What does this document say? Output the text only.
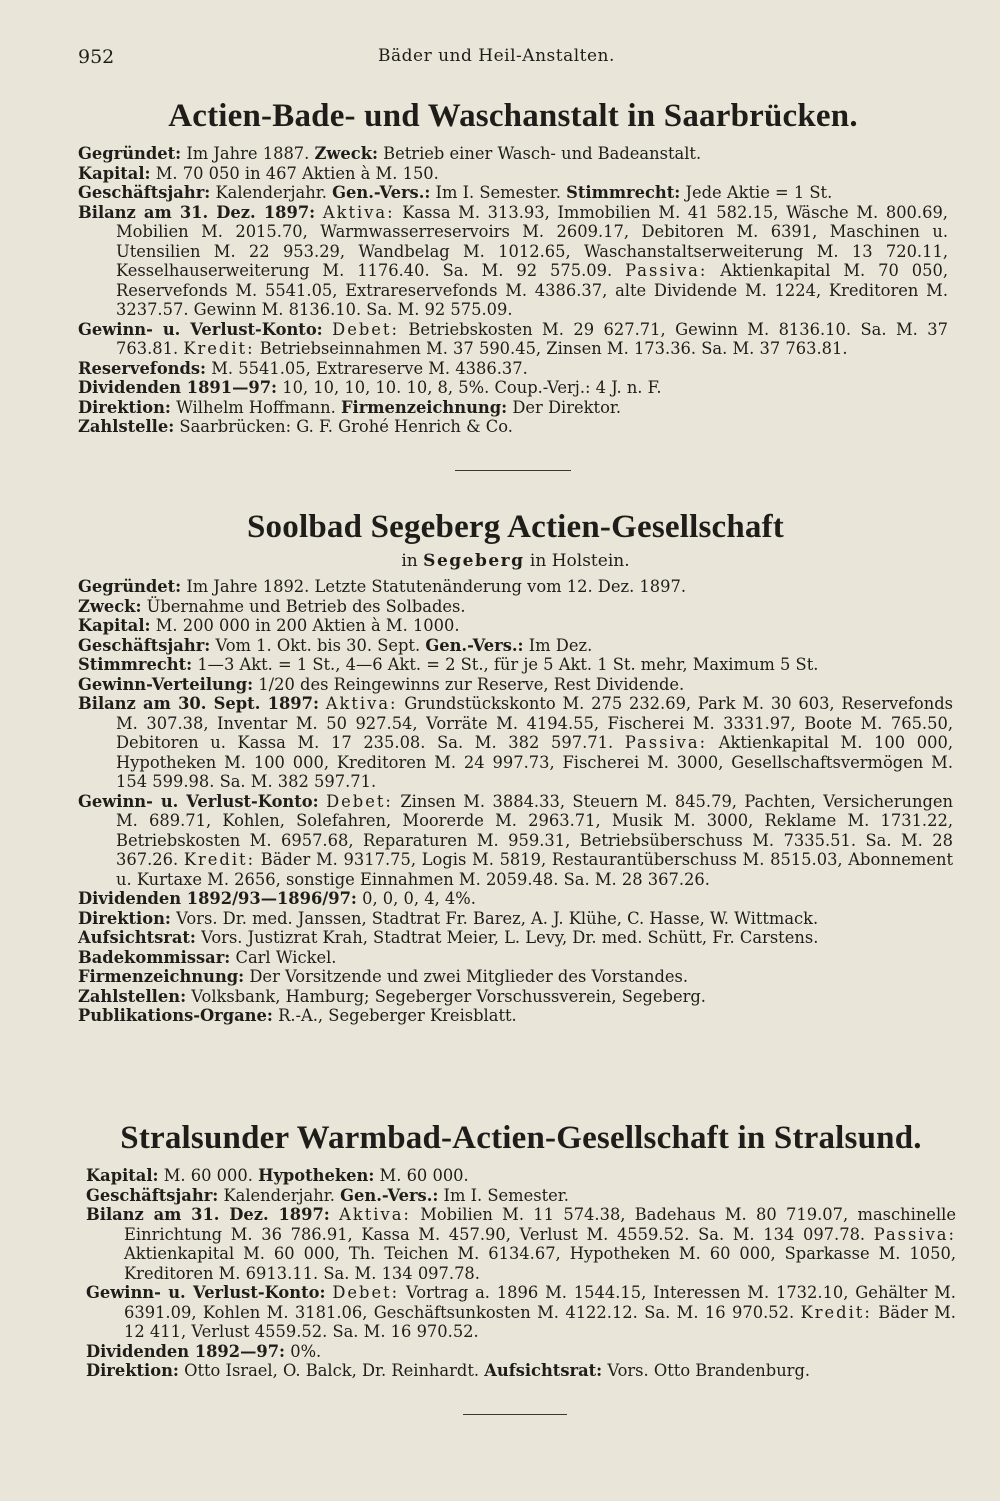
952	Bäder und Heil-Anstalten.
Actien-Bade- und Waschanstalt in Saarbrücken.

Gegründet: Im Jahre 1887. Zweck: Betrieb einer Wasch- und Badeanstalt.

Kapital: M. 70 050 in 467 Aktien à M. 150.

Geschäftsjahr: Kalenderjahr. Gen.-Vers.: Im I. Semester. Stimmrecht: Jede Aktie = 1 St.

Bilanz am 31. Dez. 1897: Aktiva: Kassa M. 313.93, Immobilien M. 41 582.15, Wäsche M. 800.69, Mobilien M. 2015.70, Warmwasserreservoirs M. 2609.17, Debitoren M. 6391, Maschinen u. Utensilien M. 22 953.29, Wandbelag M. 1012.65, Waschanstaltserweiterung M. 13 720.11, Kesselhauserweiterung M. 1176.40. Sa. M. 92 575.09. Passiva: Aktienkapital M. 70 050, Reservefonds M. 5541.05, Extrareservefonds M. 4386.37, alte Dividende M. 1224, Kreditoren M. 3237.57. Gewinn M. 8136.10. Sa. M. 92 575.09.

Gewinn- u. Verlust-Konto: Debet: Betriebskosten M. 29 627.71, Gewinn M. 8136.10. Sa. M. 37 763.81. Kredit: Betriebseinnahmen M. 37 590.45, Zinsen M. 173.36. Sa. M. 37 763.81.

Reservefonds: M. 5541.05, Extrareserve M. 4386.37.

Dividenden 1891—97: 10, 10, 10, 10. 10, 8, 5%. Coup.-Verj.: 4 J. n. F.

Direktion: Wilhelm Hoffmann. Firmenzeichnung: Der Direktor.

Zahlstelle: Saarbrücken: G. F. Grohé Henrich & Co.

Soolbad Segeberg Actien-Gesellschaft
in Segeberg in Holstein.

Gegründet: Im Jahre 1892. Letzte Statutenänderung vom 12. Dez. 1897.

Zweck: Übernahme und Betrieb des Solbades.

Kapital: M. 200 000 in 200 Aktien à M. 1000.

Geschäftsjahr: Vom 1. Okt. bis 30. Sept. Gen.-Vers.: Im Dez.

Stimmrecht: 1—3 Akt. = 1 St., 4—6 Akt. = 2 St., für je 5 Akt. 1 St. mehr, Maximum 5 St.

Gewinn-Verteilung: 1/20 des Reingewinns zur Reserve, Rest Dividende.

Bilanz am 30. Sept. 1897: Aktiva: Grundstückskonto M. 275 232.69, Park M. 30 603, Reservefonds M. 307.38, Inventar M. 50 927.54, Vorräte M. 4194.55, Fischerei M. 3331.97, Boote M. 765.50, Debitoren u. Kassa M. 17 235.08. Sa. M. 382 597.71. Passiva: Aktienkapital M. 100 000, Hypotheken M. 100 000, Kreditoren M. 24 997.73, Fischerei M. 3000, Gesellschaftsvermögen M. 154 599.98. Sa. M. 382 597.71.

Gewinn- u. Verlust-Konto: Debet: Zinsen M. 3884.33, Steuern M. 845.79, Pachten, Versicherungen M. 689.71, Kohlen, Solefahren, Moorerde M. 2963.71, Musik M. 3000, Reklame M. 1731.22, Betriebskosten M. 6957.68, Reparaturen M. 959.31, Betriebsüberschuss M. 7335.51. Sa. M. 28 367.26. Kredit: Bäder M. 9317.75, Logis M. 5819, Restaurantüberschuss M. 8515.03, Abonnement u. Kurtaxe M. 2656, sonstige Einnahmen M. 2059.48. Sa. M. 28 367.26.

Dividenden 1892/93—1896/97: 0, 0, 0, 4, 4%.

Direktion: Vors. Dr. med. Janssen, Stadtrat Fr. Barez, A. J. Klühe, C. Hasse, W. Wittmack.

Aufsichtsrat: Vors. Justizrat Krah, Stadtrat Meier, L. Levy, Dr. med. Schütt, Fr. Carstens.

Badekommissar: Carl Wickel.

Firmenzeichnung: Der Vorsitzende und zwei Mitglieder des Vorstandes.

Zahlstellen: Volksbank, Hamburg; Segeberger Vorschussverein, Segeberg.

Publikations-Organe: R.-A., Segeberger Kreisblatt.

Stralsunder Warmbad-Actien-Gesellschaft in Stralsund.

Kapital: M. 60 000. Hypotheken: M. 60 000.

Geschäftsjahr: Kalenderjahr. Gen.-Vers.: Im I. Semester.

Bilanz am 31. Dez. 1897: Aktiva: Mobilien M. 11 574.38, Badehaus M. 80 719.07, maschinelle Einrichtung M. 36 786.91, Kassa M. 457.90, Verlust M. 4559.52. Sa. M. 134 097.78. Passiva: Aktienkapital M. 60 000, Th. Teichen M. 6134.67, Hypotheken M. 60 000, Sparkasse M. 1050, Kreditoren M. 6913.11. Sa. M. 134 097.78.

Gewinn- u. Verlust-Konto: Debet: Vortrag a. 1896 M. 1544.15, Interessen M. 1732.10, Gehälter M. 6391.09, Kohlen M. 3181.06, Geschäftsunkosten M. 4122.12. Sa. M. 16 970.52. Kredit: Bäder M. 12 411, Verlust 4559.52. Sa. M. 16 970.52.

Dividenden 1892—97: 0%.

Direktion: Otto Israel, O. Balck, Dr. Reinhardt. Aufsichtsrat: Vors. Otto Brandenburg.
